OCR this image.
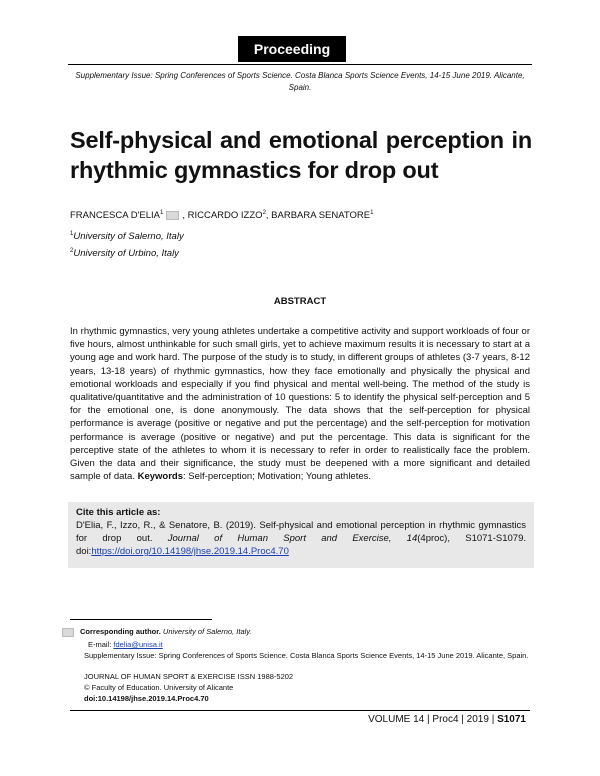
Proceeding
Supplementary Issue: Spring Conferences of Sports Science. Costa Blanca Sports Science Events, 14-15 June 2019. Alicante, Spain.
Self-physical and emotional perception in rhythmic gymnastics for drop out
FRANCESCA D'ELIA$^1$ , RICCARDO IZZO$^2$, BARBARA SENATORE$^1$
$^1$University of Salerno, Italy
$^2$University of Urbino, Italy
ABSTRACT
In rhythmic gymnastics, very young athletes undertake a competitive activity and support workloads of four or five hours, almost unthinkable for such small girls, yet to achieve maximum results it is necessary to start at a young age and work hard. The purpose of the study is to study, in different groups of athletes (3-7 years, 8-12 years, 13-18 years) of rhythmic gymnastics, how they face emotionally and physically the physical and emotional workloads and especially if you find physical and mental well-being. The method of the study is qualitative/quantitative and the administration of 10 questions: 5 to identify the physical self-perception and 5 for the emotional one, is done anonymously. The data shows that the self-perception for physical performance is average (positive or negative and put the percentage) and the self-perception for motivation performance is average (positive or negative) and put the percentage. This data is significant for the perceptive state of the athletes to whom it is necessary to refer in order to realistically face the problem. Given the data and their significance, the study must be deepened with a more significant and detailed sample of data. Keywords: Self-perception; Motivation; Young athletes.
Cite this article as:
D'Elia, F., Izzo, R., & Senatore, B. (2019). Self-physical and emotional perception in rhythmic gymnastics for drop out. Journal of Human Sport and Exercise, 14(4proc), S1071-S1079. doi:https://doi.org/10.14198/jhse.2019.14.Proc4.70
Corresponding author. University of Salerno, Italy.
E-mail: fdelia@unisa.it
Supplementary Issue: Spring Conferences of Sports Science. Costa Blanca Sports Science Events, 14-15 June 2019. Alicante, Spain.
JOURNAL OF HUMAN SPORT & EXERCISE ISSN 1988-5202
© Faculty of Education. University of Alicante
doi:10.14198/jhse.2019.14.Proc4.70
VOLUME 14 | Proc4 | 2019 | S1071
